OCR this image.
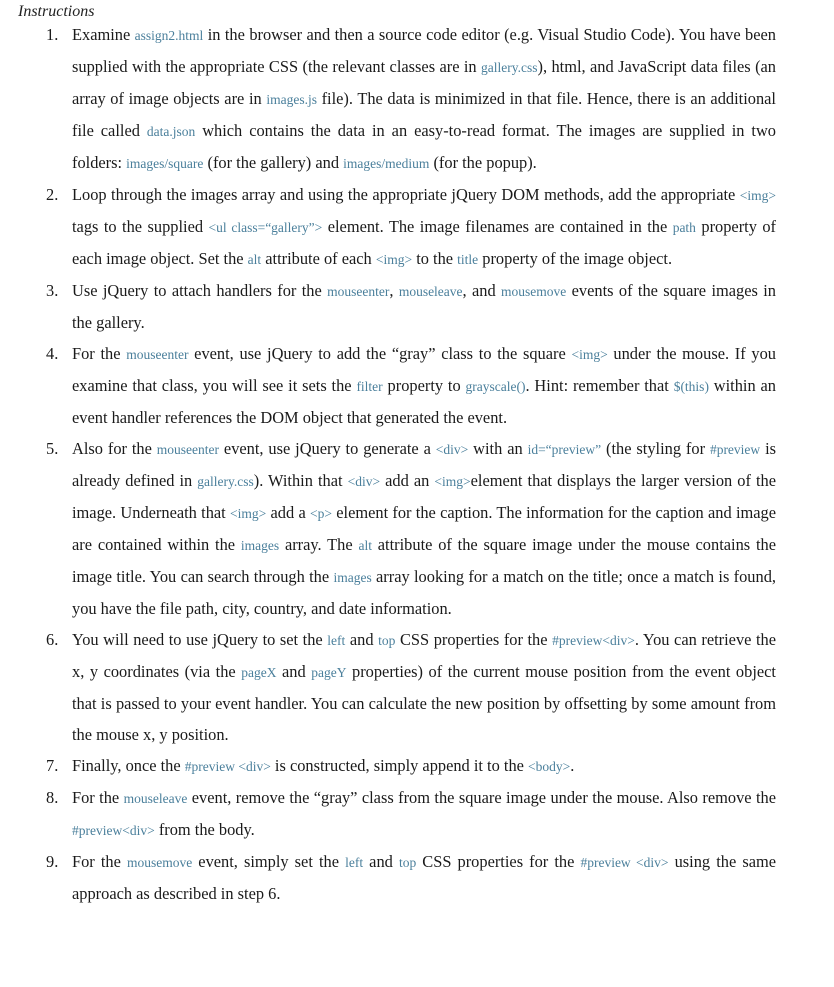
Instructions
1. Examine assign2.html in the browser and then a source code editor (e.g. Visual Studio Code). You have been supplied with the appropriate CSS (the relevant classes are in gallery.css), html, and JavaScript data files (an array of image objects are in images.js file). The data is minimized in that file. Hence, there is an additional file called data.json which contains the data in an easy-to-read format. The images are supplied in two folders: images/square (for the gallery) and images/medium (for the popup).
2. Loop through the images array and using the appropriate jQuery DOM methods, add the appropriate <img> tags to the supplied <ul class=“gallery”> element. The image filenames are contained in the path property of each image object. Set the alt attribute of each <img> to the title property of the image object.
3. Use jQuery to attach handlers for the mouseenter, mouseleave, and mousemove events of the square images in the gallery.
4. For the mouseenter event, use jQuery to add the “gray” class to the square <img> under the mouse. If you examine that class, you will see it sets the filter property to grayscale(). Hint: remember that $(this) within an event handler references the DOM object that generated the event.
5. Also for the mouseenter event, use jQuery to generate a <div> with an id=“preview” (the styling for #preview is already defined in gallery.css). Within that <div> add an <img>element that displays the larger version of the image. Underneath that <img> add a <p> element for the caption. The information for the caption and image are contained within the images array. The alt attribute of the square image under the mouse contains the image title. You can search through the images array looking for a match on the title; once a match is found, you have the file path, city, country, and date information.
6. You will need to use jQuery to set the left and top CSS properties for the #preview<div>. You can retrieve the x, y coordinates (via the pageX and pageY properties) of the current mouse position from the event object that is passed to your event handler. You can calculate the new position by offsetting by some amount from the mouse x, y position.
7. Finally, once the #preview <div> is constructed, simply append it to the <body>.
8. For the mouseleave event, remove the “gray” class from the square image under the mouse. Also remove the #preview<div> from the body.
9. For the mousemove event, simply set the left and top CSS properties for the #preview <div> using the same approach as described in step 6.
